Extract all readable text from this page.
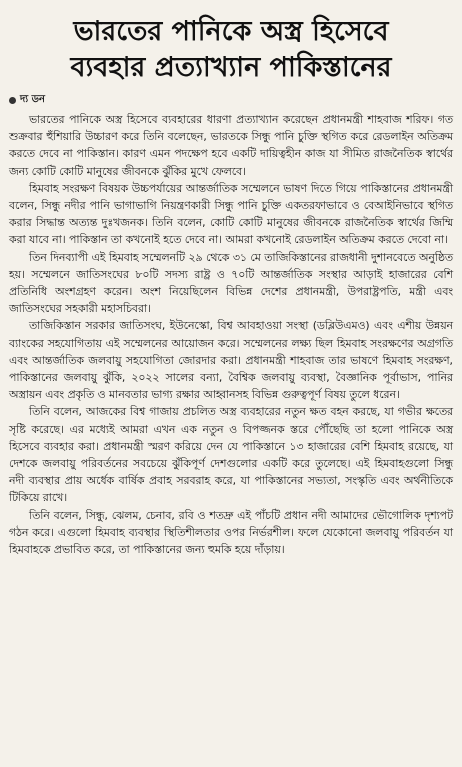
ভারতের পানিকে অস্ত্র হিসেবে
ব্যবহার প্রত্যাখ্যান পাকিস্তানের
দ্য ডন

ভারতের পানিকে অস্ত্র হিসেবে ব্যবহারের ধারণা প্রত্যাখ্যান করেছেন প্রধানমন্ত্রী শাহবাজ শরিফ। গত শুক্রবার হুঁশিয়ারি উচ্চারণ করে তিনি বলেছেন, ভারতকে সিন্ধু পানি চুক্তি স্থগিত করে রেডলাইন অতিক্রম করতে দেবে না পাকিস্তান। কারণ এমন পদক্ষেপ হবে একটি দায়িত্বহীন কাজ যা সীমিত রাজনৈতিক স্বার্থের জন্য কোটি কোটি মানুষের জীবনকে ঝুঁকির মুখে ফেলবে।

হিমবাহ সংরক্ষণ বিষয়ক উচ্চপর্যায়ের আন্তর্জাতিক সম্মেলনে ভাষণ দিতে গিয়ে পাকিস্তানের প্রধানমন্ত্রী বলেন, সিন্ধু নদীর পানি ভাগাভাগি নিয়ন্ত্রণকারী সিন্ধু পানি চুক্তি একতরফাভাবে ও বেআইনিভাবে স্থগিত করার সিদ্ধান্ত অত্যন্ত দুঃখজনক। তিনি বলেন, কোটি কোটি মানুষের জীবনকে রাজনৈতিক স্বার্থের জিম্মি করা যাবে না। পাকিস্তান তা কখনোই হতে দেবে না। আমরা কখনোই রেডলাইন অতিক্রম করতে দেবো না।

তিন দিনব্যাপী এই হিমবাহ সম্মেলনটি ২৯ থেকে ৩১ মে তাজিকিস্তানের রাজধানী দুশানবেতে অনুষ্ঠিত হয়। সম্মেলনে জাতিসংঘের ৮০টি সদস্য রাষ্ট্র ও ৭০টি আন্তর্জাতিক সংস্থার আড়াই হাজারের বেশি প্রতিনিধি অংশগ্রহণ করেন। অংশ নিয়েছিলেন বিভিন্ন দেশের প্রধানমন্ত্রী, উপরাষ্ট্রপতি, মন্ত্রী এবং জাতিসংঘের সহকারী মহাসচিবরা।

তাজিকিস্তান সরকার জাতিসংঘ, ইউনেস্কো, বিশ্ব আবহাওয়া সংস্থা (ডব্লিউএমও) এবং এশীয় উন্নয়ন ব্যাংকের সহযোগিতায় এই সম্মেলনের আয়োজন করে। সম্মেলনের লক্ষ্য ছিল হিমবাহ সংরক্ষণের অগ্রগতি এবং আন্তর্জাতিক জলবায়ু সহযোগিতা জোরদার করা। প্রধানমন্ত্রী শাহবাজ তার ভাষণে হিমবাহ সংরক্ষণ, পাকিস্তানের জলবায়ু ঝুঁকি, ২০২২ সালের বন্যা, বৈশ্বিক জলবায়ু ব্যবস্থা, বৈজ্ঞানিক পূর্বাভাস, পানির অস্ত্রায়ন এবং প্রকৃতি ও মানবতার ভাগ্য রক্ষার আহ্বানসহ বিভিন্ন গুরুত্বপূর্ণ বিষয় তুলে ধরেন।

তিনি বলেন, আজকের বিশ্ব গাজায় প্রচলিত অস্ত্র ব্যবহারের নতুন ক্ষত বহন করছে, যা গভীর ক্ষতের সৃষ্টি করেছে। এর মধ্যেই আমরা এখন এক নতুন ও বিপজ্জনক স্তরে পৌঁছেছি তা হলো পানিকে অস্ত্র হিসেবে ব্যবহার করা। প্রধানমন্ত্রী স্মরণ করিয়ে দেন যে পাকিস্তানে ১৩ হাজারের বেশি হিমবাহ রয়েছে, যা দেশকে জলবায়ু পরিবর্তনের সবচেয়ে ঝুঁকিপূর্ণ দেশগুলোর একটি করে তুলেছে। এই হিমবাহগুলো সিন্ধু নদী ব্যবস্থার প্রায় অর্ধেক বার্ষিক প্রবাহ সরবরাহ করে, যা পাকিস্তানের সভ্যতা, সংস্কৃতি এবং অর্থনীতিকে টিকিয়ে রাখে।

তিনি বলেন, সিন্ধু, ঝেলম, চেনাব, রবি ও শতদ্রু এই পাঁচটি প্রধান নদী আমাদের ভৌগোলিক দৃশ্যপট গঠন করে। এগুলো হিমবাহ ব্যবস্থার স্থিতিশীলতার ওপর নির্ভরশীল। ফলে যেকোনো জলবায়ু পরিবর্তন যা হিমবাহকে প্রভাবিত করে, তা পাকিস্তানের জন্য হুমকি হয়ে দাঁড়ায়।
